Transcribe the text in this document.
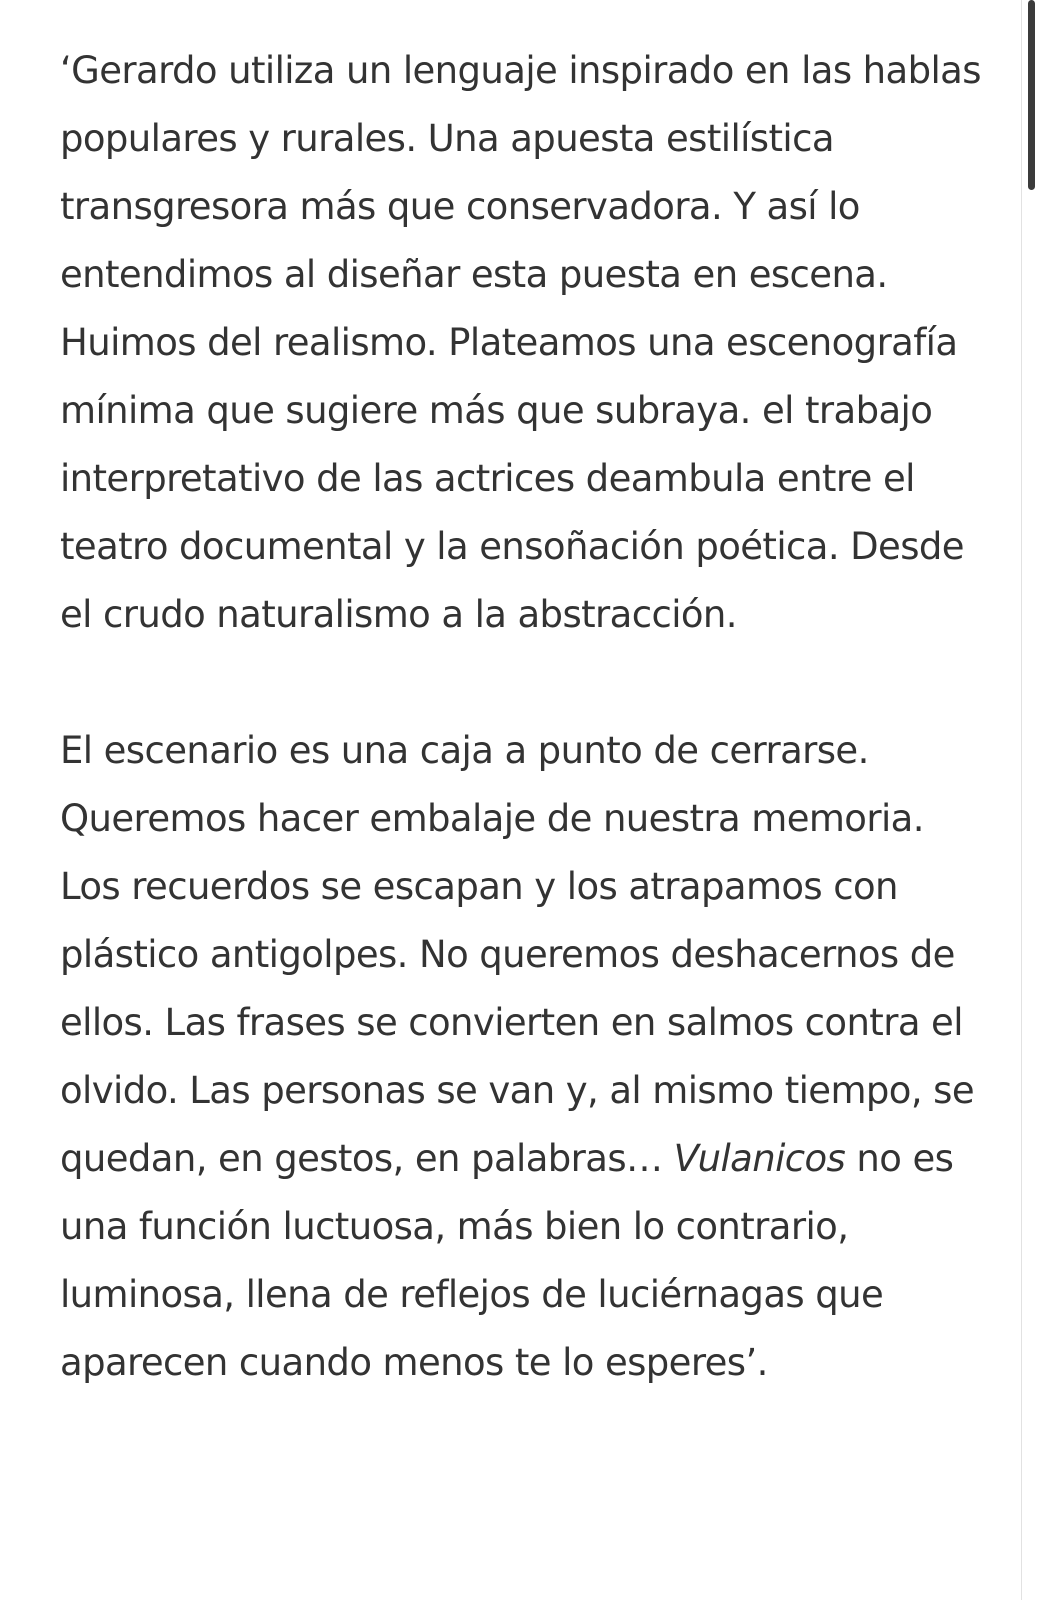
‘Gerardo utiliza un lenguaje inspirado en las hablas populares y rurales. Una apuesta estilística transgresora más que conservadora. Y así lo entendimos al diseñar esta puesta en escena. Huimos del realismo. Plateamos una escenografía mínima que sugiere más que subraya. el trabajo interpretativo de las actrices deambula entre el teatro documental y la ensoñación poética. Desde el crudo naturalismo a la abstracción.

El escenario es una caja a punto de cerrarse. Queremos hacer embalaje de nuestra memoria. Los recuerdos se escapan y los atrapamos con plástico antigolpes. No queremos deshacernos de ellos. Las frases se convierten en salmos contra el olvido. Las personas se van y, al mismo tiempo, se quedan, en gestos, en palabras… Vulanicos no es una función luctuosa, más bien lo contrario, luminosa, llena de reflejos de luciérnagas que aparecen cuando menos te lo esperes’.
